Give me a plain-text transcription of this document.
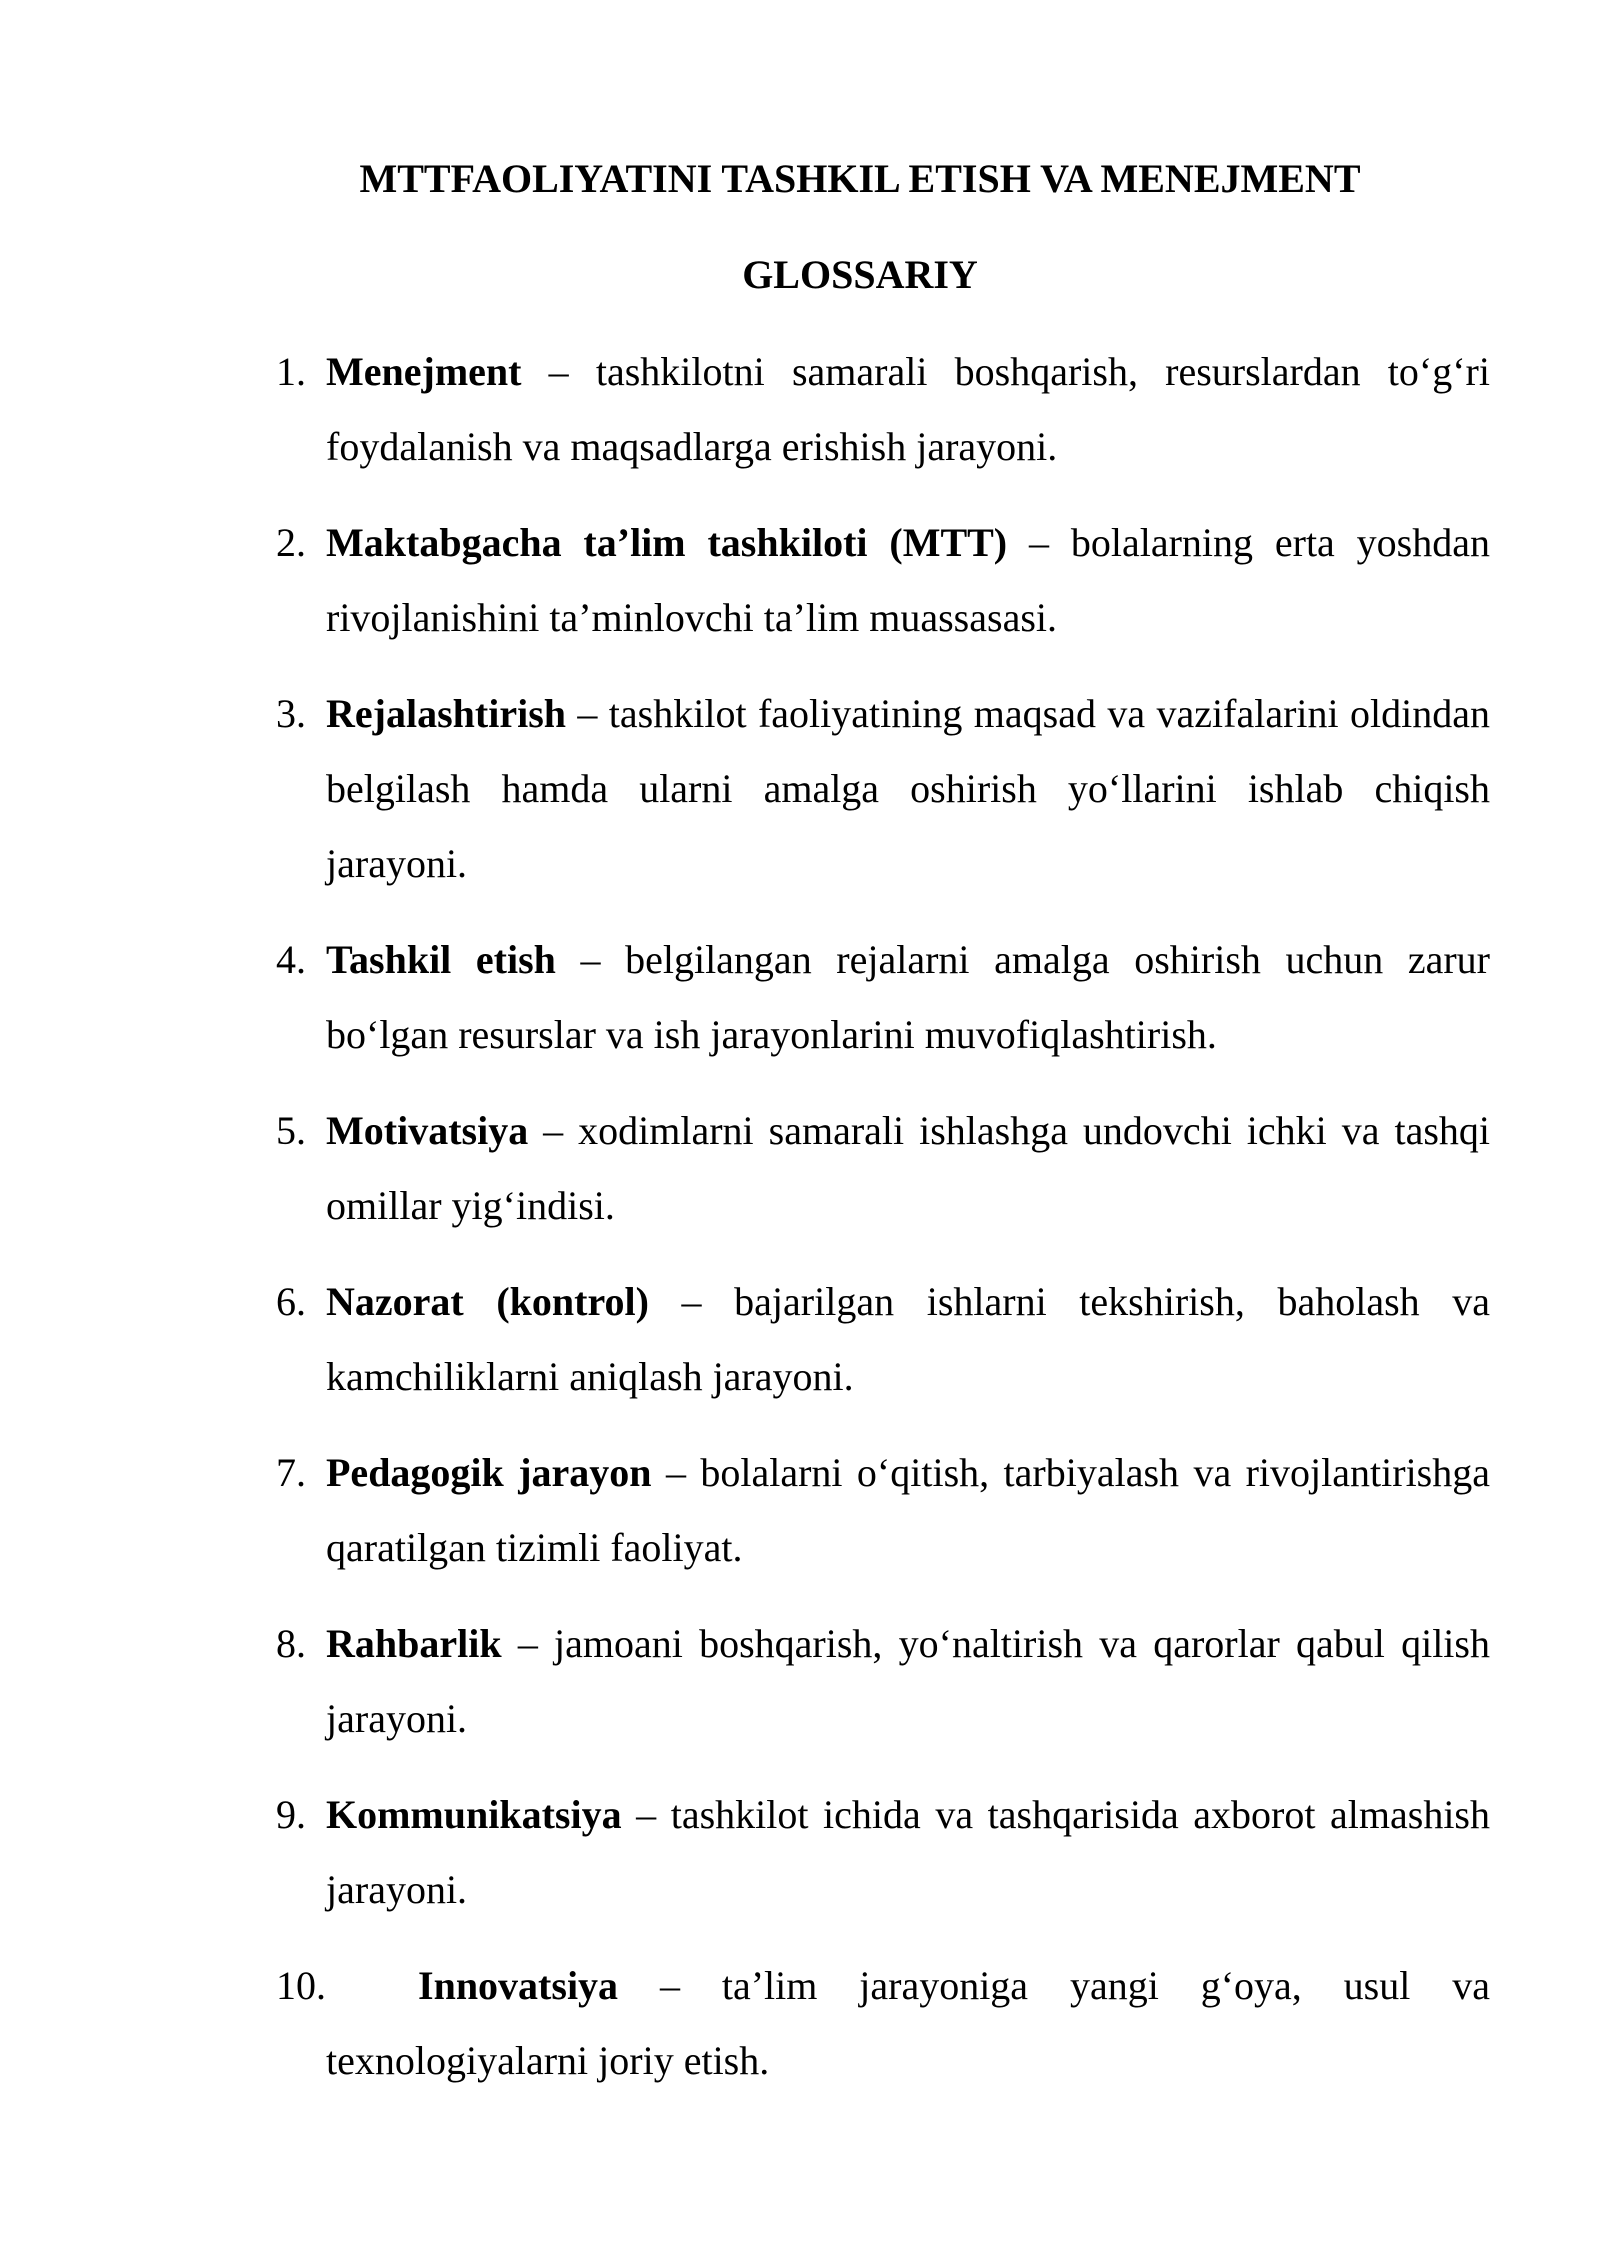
MTTFAOLIYATINI TASHKIL ETISH VA MENEJMENT
GLOSSARIY
1. Menejment – tashkilotni samarali boshqarish, resurslardan to‘g‘ri foydalanish va maqsadlarga erishish jarayoni.
2. Maktabgacha ta’lim tashkiloti (MTT) – bolalarning erta yoshdan rivojlanishini ta’minlovchi ta’lim muassasasi.
3. Rejalashtirish – tashkilot faoliyatining maqsad va vazifalarini oldindan belgilash hamda ularni amalga oshirish yo‘llarini ishlab chiqish jarayoni.
4. Tashkil etish – belgilangan rejalarni amalga oshirish uchun zarur bo‘lgan resurslar va ish jarayonlarini muvofiqlashtirish.
5. Motivatsiya – xodimlarni samarali ishlashga undovchi ichki va tashqi omillar yig‘indisi.
6. Nazorat (kontrol) – bajarilgan ishlarni tekshirish, baholash va kamchiliklarni aniqlash jarayoni.
7. Pedagogik jarayon – bolalarni o‘qitish, tarbiyalash va rivojlantirishga qaratilgan tizimli faoliyat.
8. Rahbarlik – jamoani boshqarish, yo‘naltirish va qarorlar qabul qilish jarayoni.
9. Kommunikatsiya – tashkilot ichida va tashqarisida axborot almashish jarayoni.
10.	Innovatsiya – ta’lim jarayoniga yangi g‘oya, usul va texnologiyalarni joriy etish.
